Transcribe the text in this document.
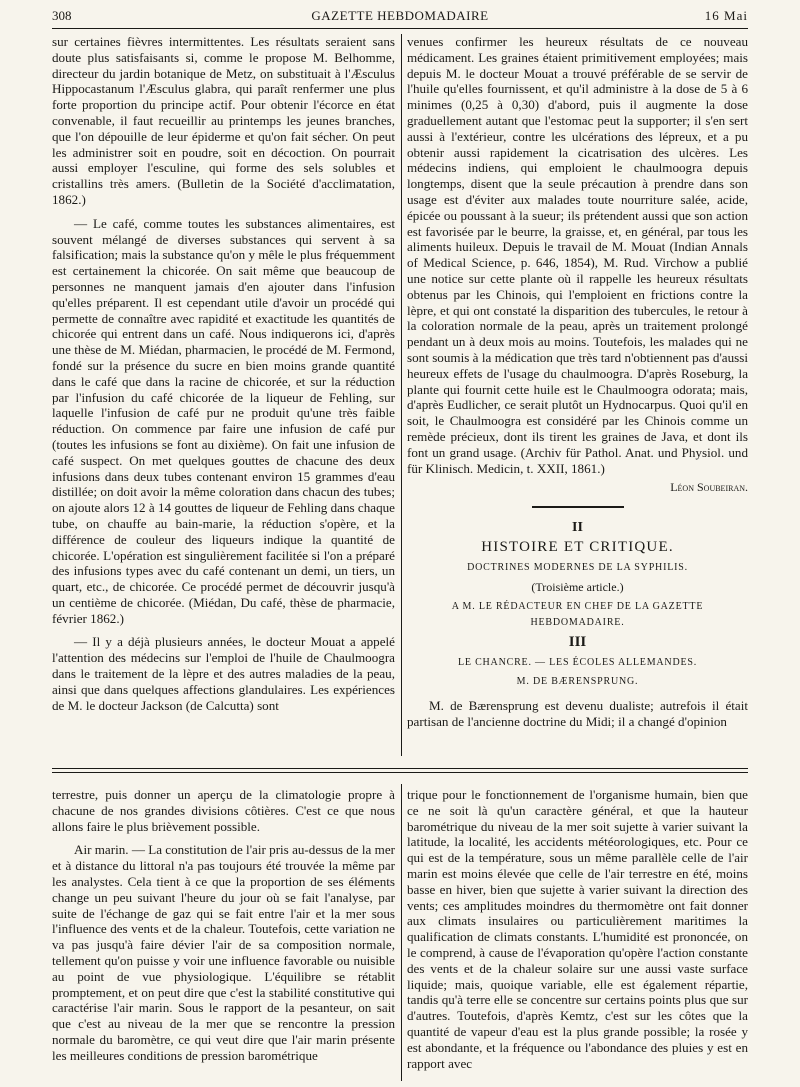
308	GAZETTE HEBDOMADAIRE	16 Mai

sur certaines fièvres intermittentes. Les résultats seraient sans doute plus satisfaisants si, comme le propose M. Belhomme, directeur du jardin botanique de Metz, on substituait à l'Æsculus Hippocastanum l'Æsculus glabra, qui paraît renfermer une plus forte proportion du principe actif. Pour obtenir l'écorce en état convenable, il faut recueillir au printemps les jeunes branches, que l'on dépouille de leur épiderme et qu'on fait sécher. On peut les administrer soit en poudre, soit en décoction. On pourrait aussi employer l'esculine, qui forme des sels solubles et cristallins très amers. (Bulletin de la Société d'acclimatation, 1862.)

— Le café, comme toutes les substances alimentaires, est souvent mélangé de diverses substances qui servent à sa falsification; mais la substance qu'on y mêle le plus fréquemment est certainement la chicorée. On sait même que beaucoup de personnes ne manquent jamais d'en ajouter dans l'infusion qu'elles préparent. Il est cependant utile d'avoir un procédé qui permette de connaître avec rapidité et exactitude les quantités de chicorée qui entrent dans un café. Nous indiquerons ici, d'après une thèse de M. Miédan, pharmacien, le procédé de M. Fermond, fondé sur la présence du sucre en bien moins grande quantité dans le café que dans la racine de chicorée, et sur la réduction par l'infusion du café chicorée de la liqueur de Fehling, sur laquelle l'infusion de café pur ne produit qu'une très faible réduction. On commence par faire une infusion de café pur (toutes les infusions se font au dixième). On fait une infusion de café suspect. On met quelques gouttes de chacune des deux infusions dans deux tubes contenant environ 15 grammes d'eau distillée; on doit avoir la même coloration dans chacun des tubes; on ajoute alors 12 à 14 gouttes de liqueur de Fehling dans chaque tube, on chauffe au bain-marie, la réduction s'opère, et la différence de couleur des liqueurs indique la quantité de chicorée. L'opération est singulièrement facilitée si l'on a préparé des infusions types avec du café contenant un demi, un tiers, un quart, etc., de chicorée. Ce procédé permet de découvrir jusqu'à un centième de chicorée. (Miédan, Du café, thèse de pharmacie, février 1862.)

— Il y a déjà plusieurs années, le docteur Mouat a appelé l'attention des médecins sur l'emploi de l'huile de Chaulmoogra dans le traitement de la lèpre et des autres maladies de la peau, ainsi que dans quelques affections glandulaires. Les expériences de M. le docteur Jackson (de Calcutta) sont

venues confirmer les heureux résultats de ce nouveau médicament. Les graines étaient primitivement employées; mais depuis M. le docteur Mouat a trouvé préférable de se servir de l'huile qu'elles fournissent, et qu'il administre à la dose de 5 à 6 minimes (0,25 à 0,30) d'abord, puis il augmente la dose graduellement autant que l'estomac peut la supporter; il s'en sert aussi à l'extérieur, contre les ulcérations des lépreux, et a pu obtenir aussi rapidement la cicatrisation des ulcères. Les médecins indiens, qui emploient le chaulmoogra depuis longtemps, disent que la seule précaution à prendre dans son usage est d'éviter aux malades toute nourriture salée, acide, épicée ou poussant à la sueur; ils prétendent aussi que son action est favorisée par le beurre, la graisse, et, en général, par tous les aliments huileux. Depuis le travail de M. Mouat (Indian Annals of Medical Science, p. 646, 1854), M. Rud. Virchow a publié une notice sur cette plante où il rappelle les heureux résultats obtenus par les Chinois, qui l'emploient en frictions contre la lèpre, et qui ont constaté la disparition des tubercules, le retour à la coloration normale de la peau, après un traitement prolongé pendant un à deux mois au moins. Toutefois, les malades qui ne sont soumis à la médication que très tard n'obtiennent pas d'aussi heureux effets de l'usage du chaulmoogra. D'après Roseburg, la plante qui fournit cette huile est le Chaulmoogra odorata; mais, d'après Eudlicher, ce serait plutôt un Hydnocarpus. Quoi qu'il en soit, le Chaulmoogra est considéré par les Chinois comme un remède précieux, dont ils tirent les graines de Java, et dont ils font un grand usage. (Archiv für Pathol. Anat. und Physiol. und für Klinisch. Medicin, t. XXII, 1861.)

Léon Soubeiran.

II

HISTOIRE ET CRITIQUE.

DOCTRINES MODERNES DE LA SYPHILIS.

(Troisième article.)

A M. LE RÉDACTEUR EN CHEF DE LA GAZETTE HEBDOMADAIRE.

III

LE CHANCRE. — LES ÉCOLES ALLEMANDES.

M. DE BÆRENSPRUNG.

M. de Bærensprung est devenu dualiste; autrefois il était partisan de l'ancienne doctrine du Midi; il a changé d'opinion

terrestre, puis donner un aperçu de la climatologie propre à chacune de nos grandes divisions côtières. C'est ce que nous allons faire le plus brièvement possible.

Air marin. — La constitution de l'air pris au-dessus de la mer et à distance du littoral n'a pas toujours été trouvée la même par les analystes. Cela tient à ce que la proportion de ses éléments change un peu suivant l'heure du jour où se fait l'analyse, par suite de l'échange de gaz qui se fait entre l'air et la mer sous l'influence des vents et de la chaleur. Toutefois, cette variation ne va pas jusqu'à faire dévier l'air de sa composition normale, tellement qu'on puisse y voir une influence favorable ou nuisible au point de vue physiologique. L'équilibre se rétablit promptement, et on peut dire que c'est la stabilité constitutive qui caractérise l'air marin. Sous le rapport de la pesanteur, on sait que c'est au niveau de la mer que se rencontre la pression normale du baromètre, ce qui veut dire que l'air marin présente les meilleures conditions de pression barométrique

trique pour le fonctionnement de l'organisme humain, bien que ce ne soit là qu'un caractère général, et que la hauteur barométrique du niveau de la mer soit sujette à varier suivant la latitude, la localité, les accidents météorologiques, etc. Pour ce qui est de la température, sous un même parallèle celle de l'air marin est moins élevée que celle de l'air terrestre en été, moins basse en hiver, bien que sujette à varier suivant la direction des vents; ces amplitudes moindres du thermomètre ont fait donner aux climats insulaires ou particulièrement maritimes la qualification de climats constants. L'humidité est prononcée, on le comprend, à cause de l'évaporation qu'opère l'action constante des vents et de la chaleur solaire sur une aussi vaste surface liquide; mais, quoique variable, elle est également répartie, tandis qu'à terre elle se concentre sur certains points plus que sur d'autres. Toutefois, d'après Kemtz, c'est sur les côtes que la quantité de vapeur d'eau est la plus grande possible; la rosée y est abondante, et la fréquence ou l'abondance des pluies y est en rapport avec
